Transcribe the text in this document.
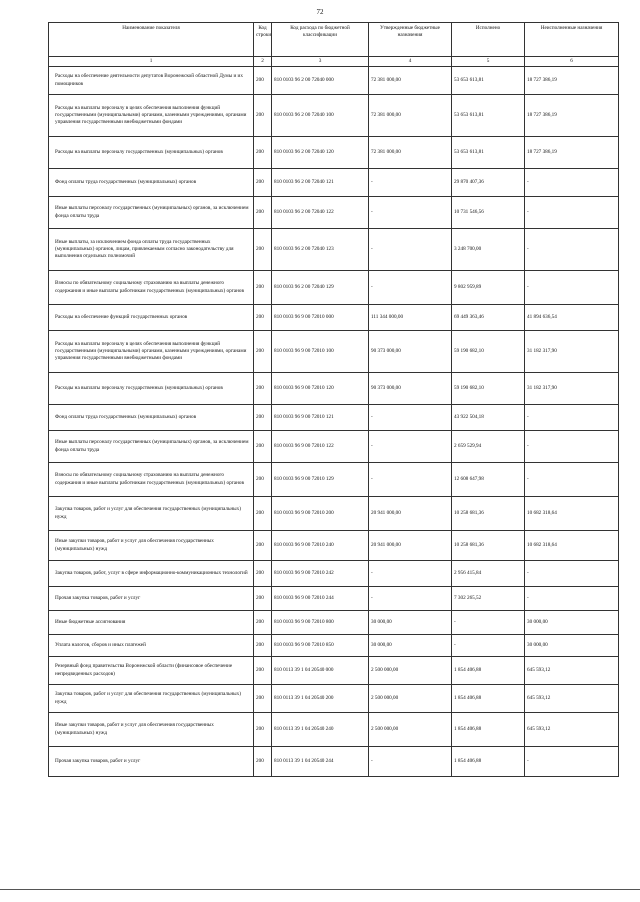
72
Наименование показателя	Код строки	Код расхода по бюджетной классификации	Утвержденные бюджетные назначения	Исполнено	Неисполненные назначения
1	2	3	4	5	6
Расходы на обеспечение деятельности депутатов Воронежской областной Думы и их помощников	200	810 0103 96 2 00 72040 000	72 381 000,00	53 653 613,81	18 727 386,19
Расходы на выплаты персоналу в целях обеспечения выполнения функций государственными (муниципальными) органами, казенными учреждениями, органами управления государственными внебюджетными фондами	200	810 0103 96 2 00 72040 100	72 381 000,00	53 653 613,81	18 727 386,19
Расходы на выплаты персоналу государственных (муниципальных) органов	200	810 0103 96 2 00 72040 120	72 381 000,00	53 653 613,81	18 727 386,19
Фонд оплаты труда государственных (муниципальных) органов	200	810 0103 96 2 00 72040 121	-	29 870 407,36	-
Иные выплаты персоналу государственных (муниципальных) органов, за исключением фонда оплаты труда	200	810 0103 96 2 00 72040 122	-	10 731 546,56	-
Иные выплаты, за исключением фонда оплаты труда государственных (муниципальных) органов, лицам, привлекаемым согласно законодательству для выполнения отдельных полномочий	200	810 0103 96 2 00 72040 123	-	3 248 700,00	-
Взносы по обязательному социальному страхованию на выплаты денежного содержания и иные выплаты работникам государственных (муниципальных) органов	200	810 0103 96 2 00 72040 129	-	9 802 959,89	-
Расходы на обеспечение функций государственных органов	200	810 0103 96 9 00 72010 000	111 344 000,00	69 449 363,46	41 894 636,54
Расходы на выплаты персоналу в целях обеспечения выполнения функций государственными (муниципальными) органами, казенными учреждениями, органами управления государственными внебюджетными фондами	200	810 0103 96 9 00 72010 100	90 373 000,00	59 190 682,10	31 182 317,90
Расходы на выплаты персоналу государственных (муниципальных) органов	200	810 0103 96 9 00 72010 120	90 373 000,00	59 190 682,10	31 182 317,90
Фонд оплаты труда государственных (муниципальных) органов	200	810 0103 96 9 00 72010 121	-	43 922 504,18	-
Иные выплаты персоналу государственных (муниципальных) органов, за исключением фонда оплаты труда	200	810 0103 96 9 00 72010 122	-	2 659 529,94	-
Взносы по обязательному социальному страхованию на выплаты денежного содержания и иные выплаты работникам государственных (муниципальных) органов	200	810 0103 96 9 00 72010 129	-	12 608 647,98	-
Закупка товаров, работ и услуг для обеспечения государственных (муниципальных) нужд	200	810 0103 96 9 00 72010 200	20 941 000,00	10 258 681,36	10 682 318,64
Иные закупки товаров, работ и услуг для обеспечения государственных (муниципальных) нужд	200	810 0103 96 9 00 72010 240	20 941 000,00	10 258 681,36	10 682 318,64
Закупка товаров, работ, услуг в сфере информационно-коммуникационных технологий	200	810 0103 96 9 00 72010 242	-	2 956 415,84	-
Прочая закупка товаров, работ и услуг	200	810 0103 96 9 00 72010 244	-	7 302 265,52	-
Иные бюджетные ассигнования	200	810 0103 96 9 00 72010 800	30 000,00	-	30 000,00
Уплата налогов, сборов и иных платежей	200	810 0103 96 9 00 72010 850	30 000,00	-	30 000,00
Резервный фонд правительства Воронежской области (финансовое обеспечение непредвиденных расходов)	200	810 0113 39 1 04 20540 000	2 500 000,00	1 854 406,88	645 593,12
Закупка товаров, работ и услуг для обеспечения государственных (муниципальных) нужд	200	810 0113 39 1 04 20540 200	2 500 000,00	1 854 406,88	645 593,12
Иные закупки товаров, работ и услуг для обеспечения государственных (муниципальных) нужд	200	810 0113 39 1 04 20540 240	2 500 000,00	1 854 406,88	645 593,12
Прочая закупка товаров, работ и услуг	200	810 0113 39 1 04 20540 244	-	1 854 406,88	-
